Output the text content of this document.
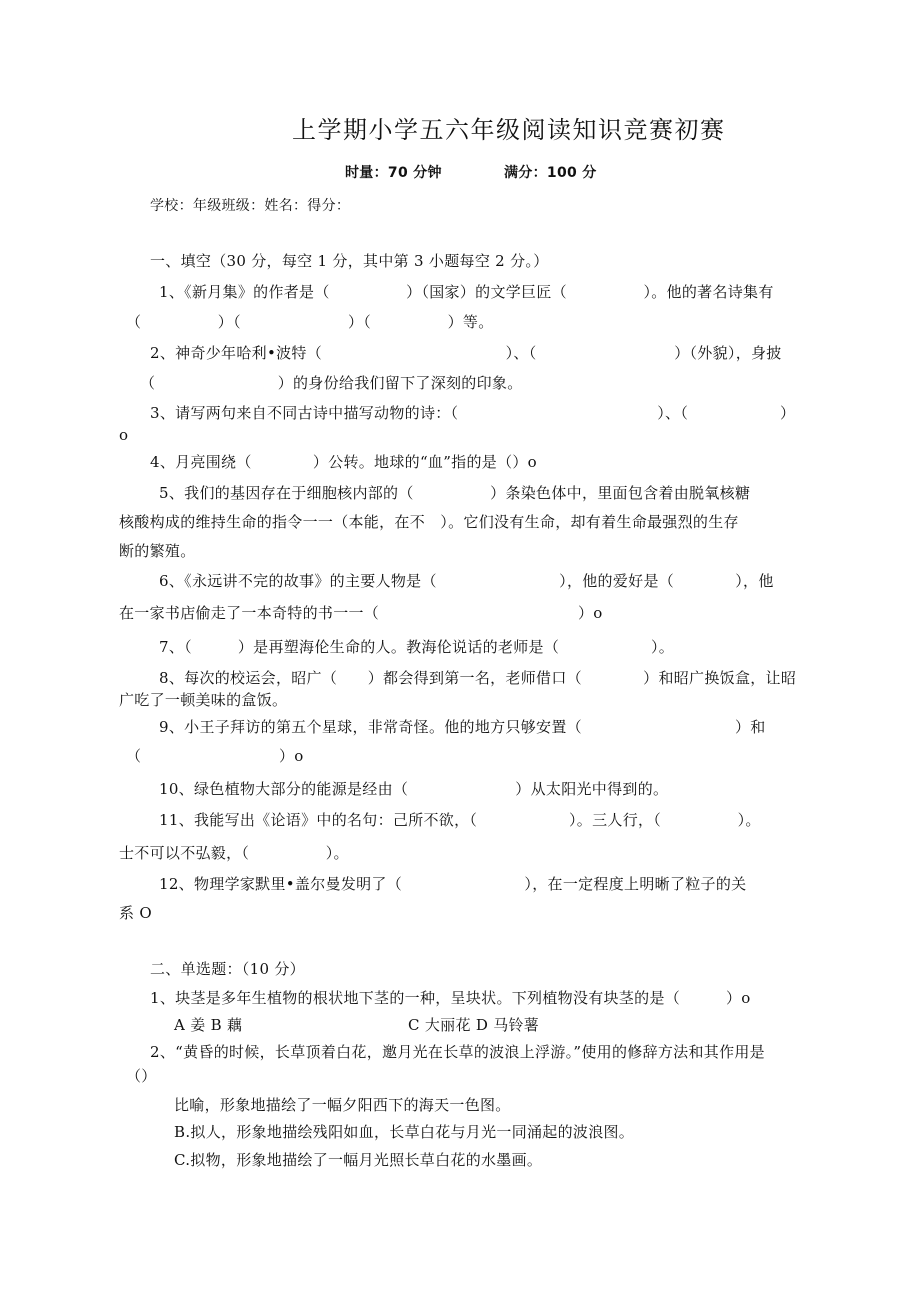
上学期小学五六年级阅读知识竞赛初赛
时量：70 分钟	满分：100 分
学校：年级班级：姓名：得分：
一、填空（30 分，每空 1 分，其中第 3 小题每空 2 分。）
1、《新月集》的作者是（　　　　　）（国家）的文学巨匠（　　　　　）。他的著名诗集有
（　　　　　）（　　　　　　　）（　　　　　）等。
2、神奇少年哈利•波特（　　　　　　　　　　　　）、（　　　　　　　　　）（外貌），身披
（　　　　　　　　）的身份给我们留下了深刻的印象。
3、请写两句来自不同古诗中描写动物的诗：（　　　　　　　　　　　　　）、（　　　　　　）
o
4、月亮围绕（　　　　）公转。地球的“血”指的是（）o
5、我们的基因存在于细胞核内部的（　　　　　）条染色体中，里面包含着由脱氧核糖
核酸构成的维持生命的指令一一（本能，在不　）。它们没有生命，却有着生命最强烈的生存
断的繁殖。
6、《永远讲不完的故事》的主要人物是（　　　　　　　　），他的爱好是（　　　　），他
在一家书店偷走了一本奇特的书一一（　　　　　　　　　　　　　）o
7、（　　　）是再塑海伦生命的人。教海伦说话的老师是（　　　　　　）。
8、每次的校运会，昭广（　　）都会得到第一名，老师借口（　　　　）和昭广换饭盒，让昭
广吃了一顿美味的盒饭。
9、小王子拜访的第五个星球，非常奇怪。他的地方只够安置（　　　　　　　　　　）和
（　　　　　　　　　）o
10、绿色植物大部分的能源是经由（　　　　　　　）从太阳光中得到的。
11、我能写出《论语》中的名句：己所不欲，（　　　　　　）。三人行，（　　　　　）。
士不可以不弘毅，（　　　　　）。
12、物理学家默里•盖尔曼发明了（　　　　　　　　），在一定程度上明晰了粒子的关
系 O
二、单选题：（10 分）
1、块茎是多年生植物的根状地下茎的一种，呈块状。下列植物没有块茎的是（　　　）o
A 姜 B 藕	C 大丽花 D 马铃薯
2、“黄昏的时候，长草顶着白花，邀月光在长草的波浪上浮游。”使用的修辞方法和其作用是
（）
比喻，形象地描绘了一幅夕阳西下的海天一色图。
B.拟人，形象地描绘残阳如血，长草白花与月光一同涌起的波浪图。
C.拟物，形象地描绘了一幅月光照长草白花的水墨画。
